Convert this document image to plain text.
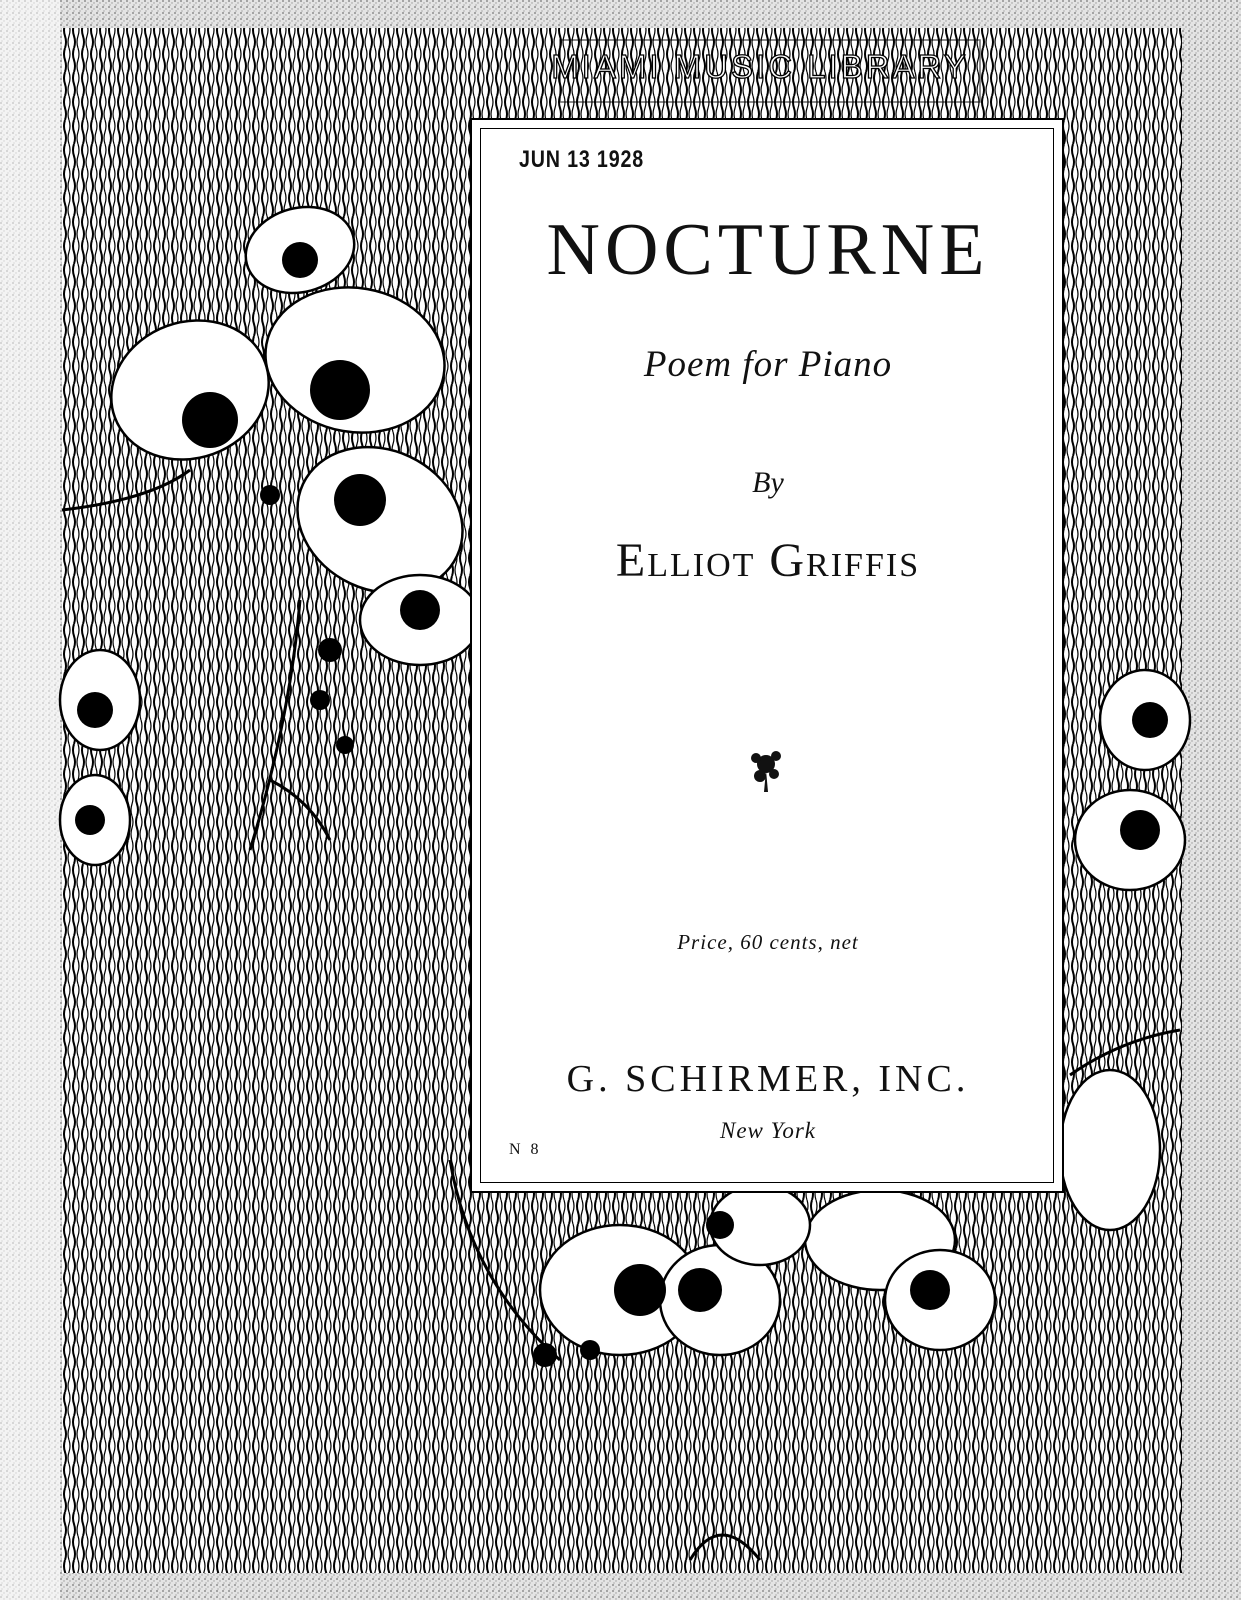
MIAMI MUSIC LIBRARY
JUN 13 1928
NOCTURNE
Poem for Piano
By
Elliot Griffis
Price, 60 cents, net
G. SCHIRMER, INC.
New York
N 8
